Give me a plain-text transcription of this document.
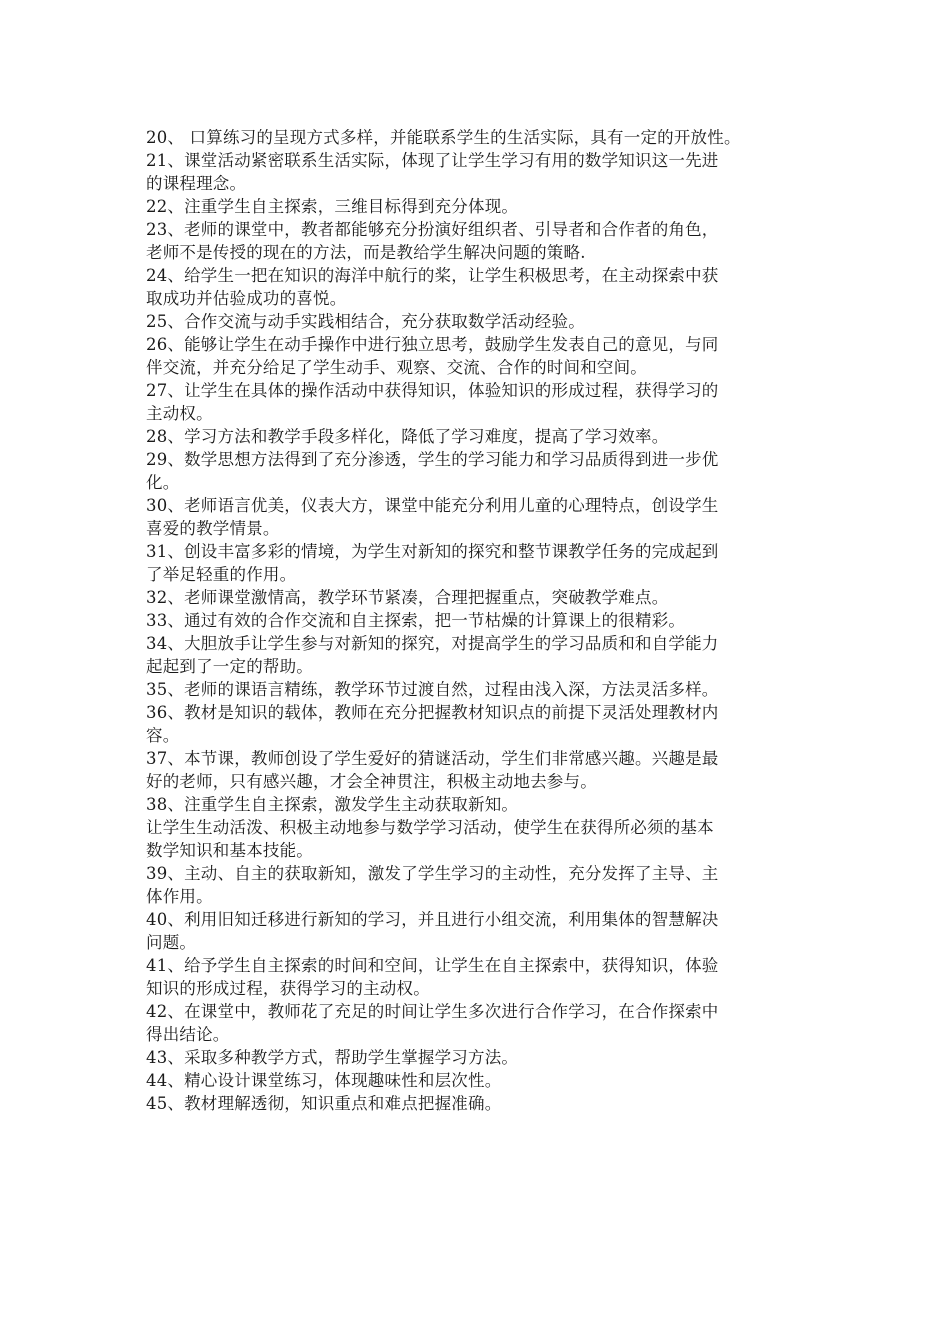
20、 口算练习的呈现方式多样，并能联系学生的生活实际，具有一定的开放性。
21、课堂活动紧密联系生活实际，体现了让学生学习有用的数学知识这一先进
的课程理念。
22、注重学生自主探索，三维目标得到充分体现。
23、老师的课堂中，教者都能够充分扮演好组织者、引导者和合作者的角色，
老师不是传授的现在的方法，而是教给学生解决问题的策略.
24、给学生一把在知识的海洋中航行的桨，让学生积极思考，在主动探索中获
取成功并估验成功的喜悦。
25、合作交流与动手实践相结合，充分获取数学活动经验。
26、能够让学生在动手操作中进行独立思考，鼓励学生发表自己的意见，与同
伴交流，并充分给足了学生动手、观察、交流、合作的时间和空间。
27、让学生在具体的操作活动中获得知识，体验知识的形成过程，获得学习的
主动权。
28、学习方法和教学手段多样化，降低了学习难度，提高了学习效率。
29、数学思想方法得到了充分渗透，学生的学习能力和学习品质得到进一步优
化。
30、老师语言优美，仪表大方，课堂中能充分利用儿童的心理特点，创设学生
喜爱的教学情景。
31、创设丰富多彩的情境，为学生对新知的探究和整节课教学任务的完成起到
了举足轻重的作用。
32、老师课堂激情高，教学环节紧凑，合理把握重点，突破教学难点。
33、通过有效的合作交流和自主探索，把一节枯燥的计算课上的很精彩。
34、大胆放手让学生参与对新知的探究，对提高学生的学习品质和和自学能力
起起到了一定的帮助。
35、老师的课语言精练，教学环节过渡自然，过程由浅入深，方法灵活多样。
36、教材是知识的载体，教师在充分把握教材知识点的前提下灵活处理教材内
容。
37、本节课，教师创设了学生爱好的猜谜活动，学生们非常感兴趣。兴趣是最
好的老师，只有感兴趣，才会全神贯注，积极主动地去参与。
38、注重学生自主探索，激发学生主动获取新知。
让学生生动活泼、积极主动地参与数学学习活动，使学生在获得所必须的基本
数学知识和基本技能。
39、主动、自主的获取新知，激发了学生学习的主动性，充分发挥了主导、主
体作用。
40、利用旧知迁移进行新知的学习，并且进行小组交流，利用集体的智慧解决
问题。
41、给予学生自主探索的时间和空间，让学生在自主探索中，获得知识，体验
知识的形成过程，获得学习的主动权。
42、在课堂中，教师花了充足的时间让学生多次进行合作学习，在合作探索中
得出结论。
43、采取多种教学方式，帮助学生掌握学习方法。
44、精心设计课堂练习，体现趣味性和层次性。
45、教材理解透彻，知识重点和难点把握准确。
